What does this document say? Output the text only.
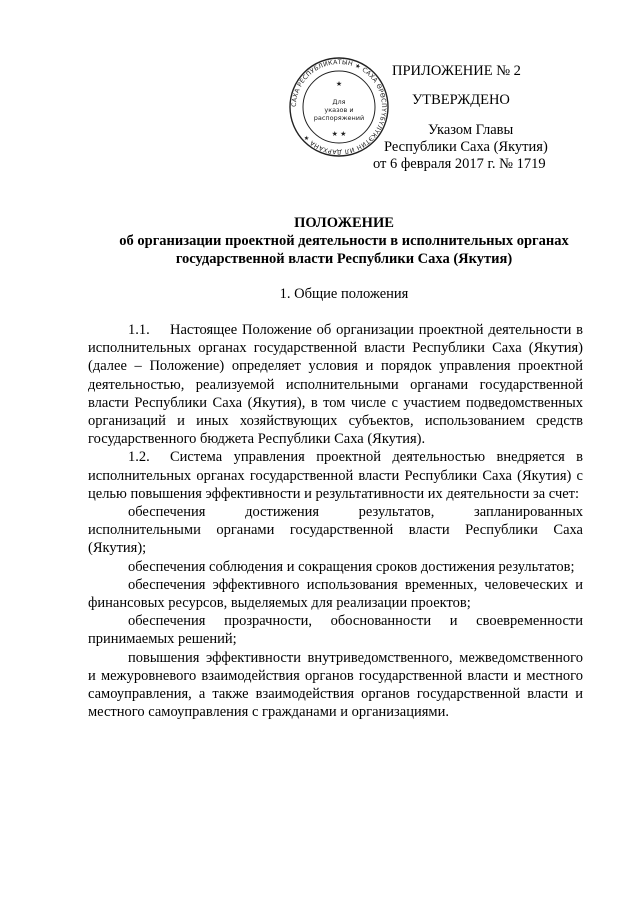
САХА РЕСПУБЛИКАТЫН ★ САХА ӨРӨСПҮҮБҮЛҮКЭТИН ИЛ ДАРХАНА ★
★
★ ★
Для
указов и
распоряжений
ПРИЛОЖЕНИЕ № 2
УТВЕРЖДЕНО
Указом Главы
Республики Саха (Якутия)
от 6 февраля 2017 г. № 1719
ПОЛОЖЕНИЕ
об организации проектной деятельности в исполнительных органах
государственной власти Республики Саха (Якутия)
1. Общие положения

1.1. Настоящее Положение об организации проектной деятельности в исполнительных органах государственной власти Республики Саха (Якутия) (далее – Положение) определяет условия и порядок управления проектной деятельностью, реализуемой исполнительными органами государственной власти Республики Саха (Якутия), в том числе с участием подведомственных организаций и иных хозяйствующих субъектов, использованием средств государственного бюджета Республики Саха (Якутия).

1.2. Система управления проектной деятельностью внедряется в исполнительных органах государственной власти Республики Саха (Якутия) с целью повышения эффективности и результативности их деятельности за счет:

обеспечения достижения результатов, запланированных исполнительными органами государственной власти Республики Саха (Якутия);

обеспечения соблюдения и сокращения сроков достижения результатов;

обеспечения эффективного использования временных, человеческих и финансовых ресурсов, выделяемых для реализации проектов;

обеспечения прозрачности, обоснованности и своевременности принимаемых решений;

повышения эффективности внутриведомственного, межведомственного и межуровневого взаимодействия органов государственной власти и местного самоуправления, а также взаимодействия органов государственной власти и местного самоуправления с гражданами и организациями.
